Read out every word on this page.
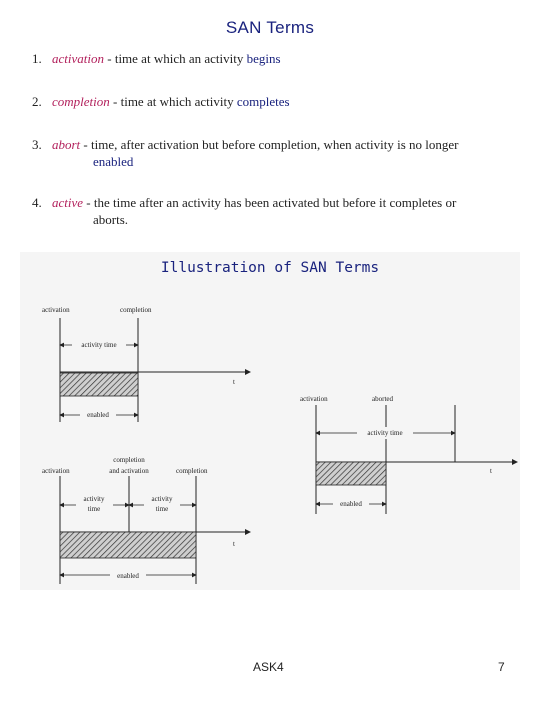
SAN Terms
1. activation - time at which an activity begins
2. completion - time at which activity completes
3. abort - time, after activation but before completion, when activity is no longer
enabled
4. active - the time after an activity has been activated but before it completes or
aborts.
Illustration of SAN Terms
activation	completion
activity time
t
enabled
activation	aborted
activity time
t
enabled
activation
completion
and activation	completion
activity
time
activity
time
t
enabled
ASK4	7
